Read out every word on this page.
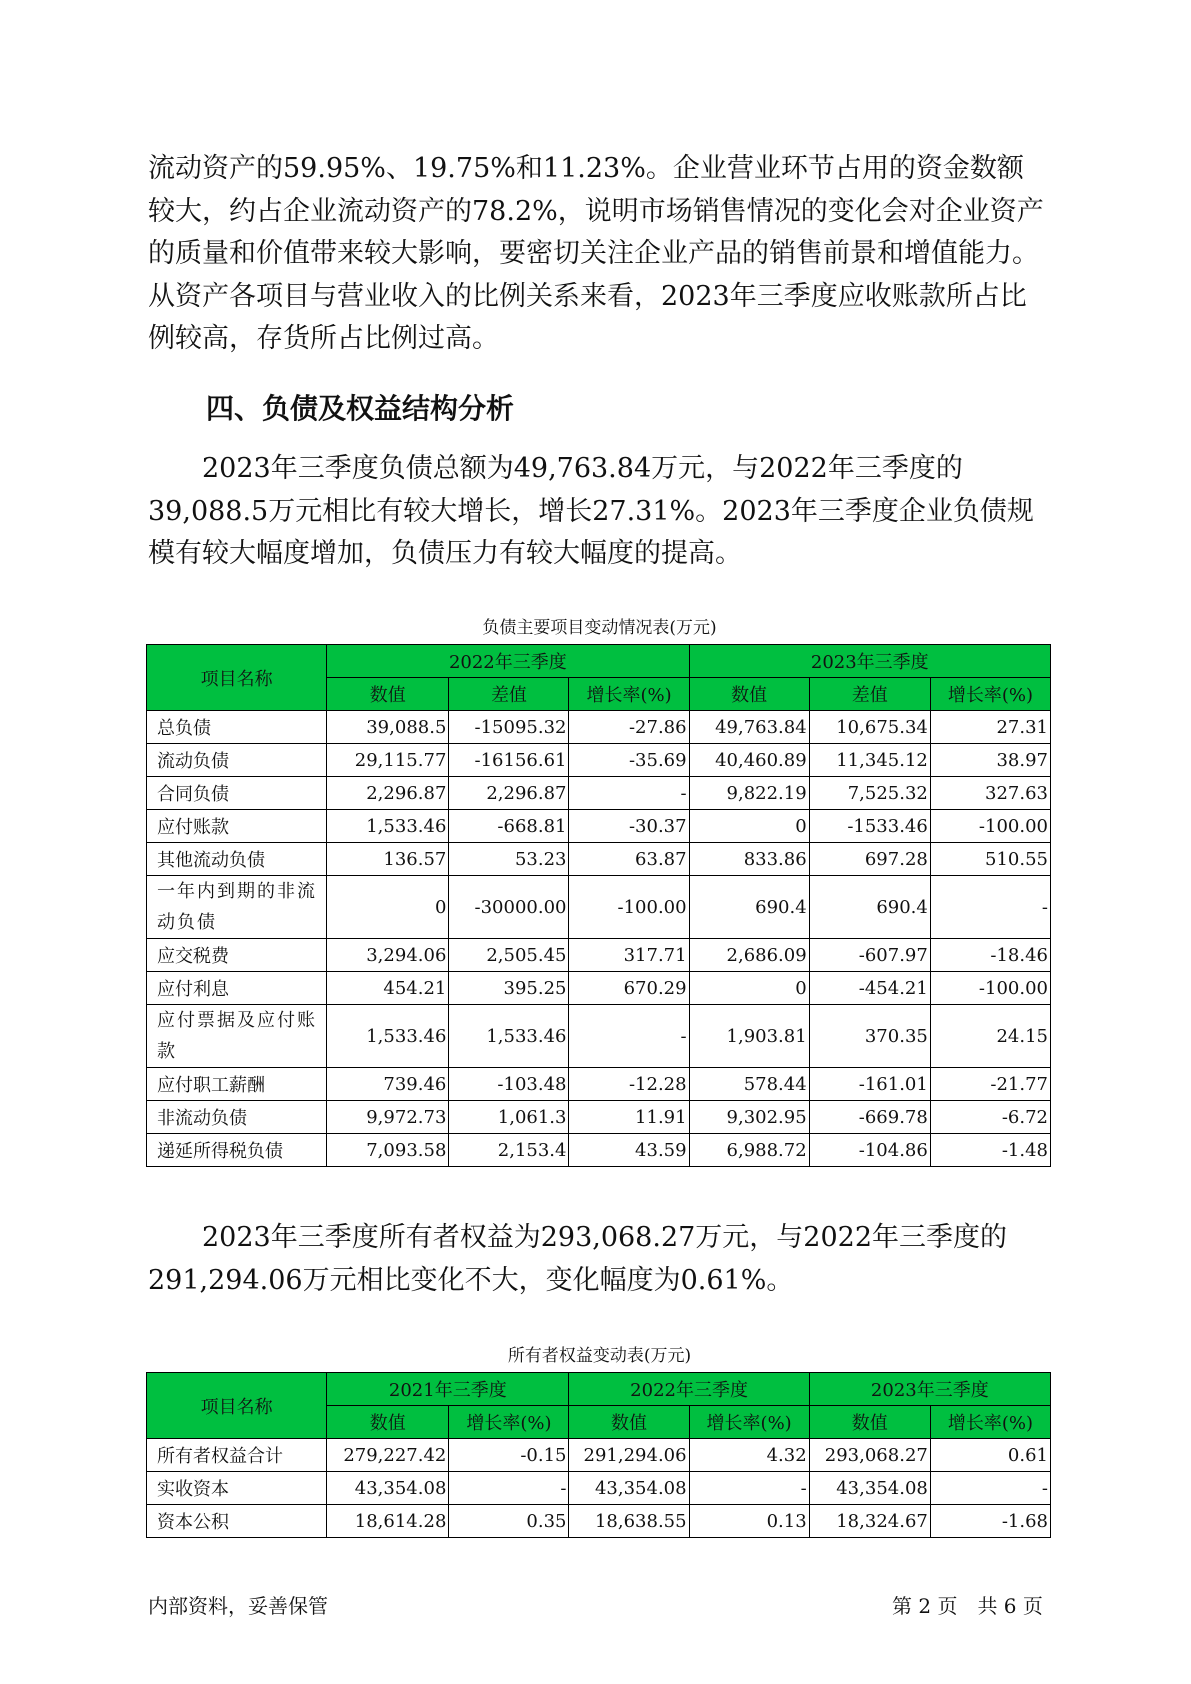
流动资产的59.95%、19.75%和11.23%。企业营业环节占用的资金数额较大，约占企业流动资产的78.2%，说明市场销售情况的变化会对企业资产的质量和价值带来较大影响，要密切关注企业产品的销售前景和增值能力。从资产各项目与营业收入的比例关系来看，2023年三季度应收账款所占比例较高，存货所占比例过高。

四、负债及权益结构分析

2023年三季度负债总额为49,763.84万元，与2022年三季度的39,088.5万元相比有较大增长，增长27.31%。2023年三季度企业负债规模有较大幅度增加，负债压力有较大幅度的提高。

负债主要项目变动情况表(万元)

项目名称	2022年三季度			2023年三季度		
	数值	差值	增长率(%)	数值	差值	增长率(%)
总负债	39,088.5	-15095.32	-27.86	49,763.84	10,675.34	27.31
流动负债	29,115.77	-16156.61	-35.69	40,460.89	11,345.12	38.97
合同负债	2,296.87	2,296.87	-	9,822.19	7,525.32	327.63
应付账款	1,533.46	-668.81	-30.37	0	-1533.46	-100.00
其他流动负债	136.57	53.23	63.87	833.86	697.28	510.55
一年内到期的非流动负债	0	-30000.00	-100.00	690.4	690.4	-
应交税费	3,294.06	2,505.45	317.71	2,686.09	-607.97	-18.46
应付利息	454.21	395.25	670.29	0	-454.21	-100.00
应付票据及应付账款	1,533.46	1,533.46	-	1,903.81	370.35	24.15
应付职工薪酬	739.46	-103.48	-12.28	578.44	-161.01	-21.77
非流动负债	9,972.73	1,061.3	11.91	9,302.95	-669.78	-6.72
递延所得税负债	7,093.58	2,153.4	43.59	6,988.72	-104.86	-1.48

2023年三季度所有者权益为293,068.27万元，与2022年三季度的291,294.06万元相比变化不大，变化幅度为0.61%。

所有者权益变动表(万元)

项目名称	2021年三季度		2022年三季度		2023年三季度	
	数值	增长率(%)	数值	增长率(%)	数值	增长率(%)
所有者权益合计	279,227.42	-0.15	291,294.06	4.32	293,068.27	0.61
实收资本	43,354.08	-	43,354.08	-	43,354.08	-
资本公积	18,614.28	0.35	18,638.55	0.13	18,324.67	-1.68

内部资料，妥善保管	第 2 页　共 6 页
